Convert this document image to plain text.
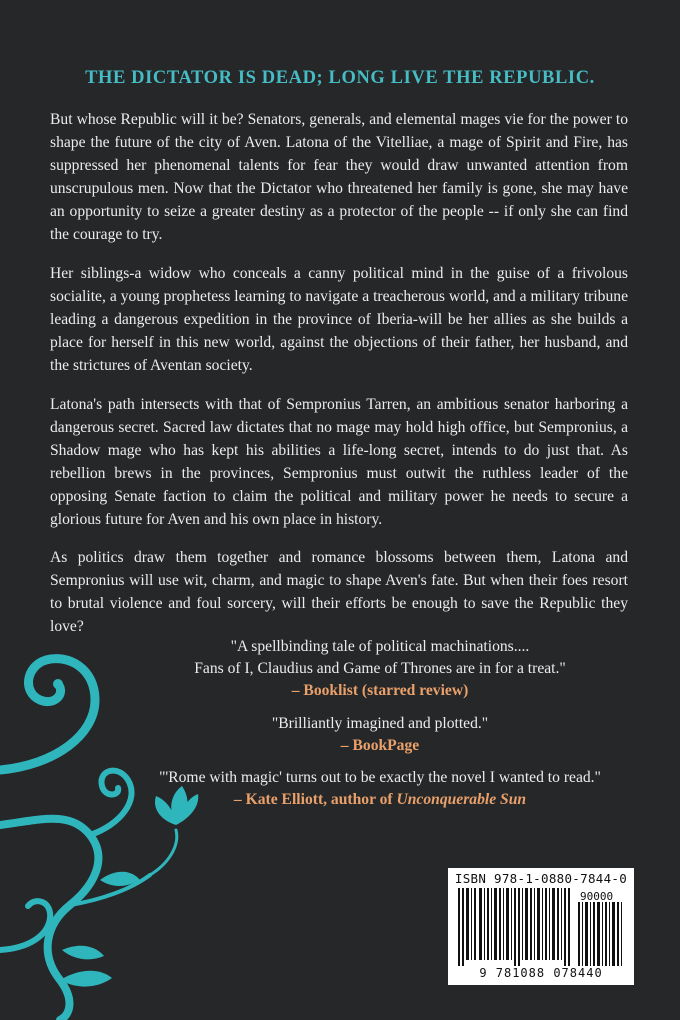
THE DICTATOR IS DEAD; LONG LIVE THE REPUBLIC.

But whose Republic will it be? Senators, generals, and elemental mages vie for the power to shape the future of the city of Aven. Latona of the Vitelliae, a mage of Spirit and Fire, has suppressed her phenomenal talents for fear they would draw unwanted attention from unscrupulous men. Now that the Dictator who threatened her family is gone, she may have an opportunity to seize a greater destiny as a protector of the people -- if only she can find the courage to try.

Her siblings-a widow who conceals a canny political mind in the guise of a frivolous socialite, a young prophetess learning to navigate a treacherous world, and a military tribune leading a dangerous expedition in the province of Iberia-will be her allies as she builds a place for herself in this new world, against the objections of their father, her husband, and the strictures of Aventan society.

Latona's path intersects with that of Sempronius Tarren, an ambitious senator harboring a dangerous secret. Sacred law dictates that no mage may hold high office, but Sempronius, a Shadow mage who has kept his abilities a life-long secret, intends to do just that. As rebellion brews in the provinces, Sempronius must outwit the ruthless leader of the opposing Senate faction to claim the political and military power he needs to secure a glorious future for Aven and his own place in history.

As politics draw them together and romance blossoms between them, Latona and Sempronius will use wit, charm, and magic to shape Aven's fate. But when their foes resort to brutal violence and foul sorcery, will their efforts be enough to save the Republic they love?

"A spellbinding tale of political machinations....
Fans of I, Claudius and Game of Thrones are in for a treat."
– Booklist (starred review)
"Brilliantly imagined and plotted."
– BookPage
"'Rome with magic' turns out to be exactly the novel I wanted to read."
– Kate Elliott, author of Unconquerable Sun
ISBN 978-1-0880-7844-0
90000
9 781088 078440
